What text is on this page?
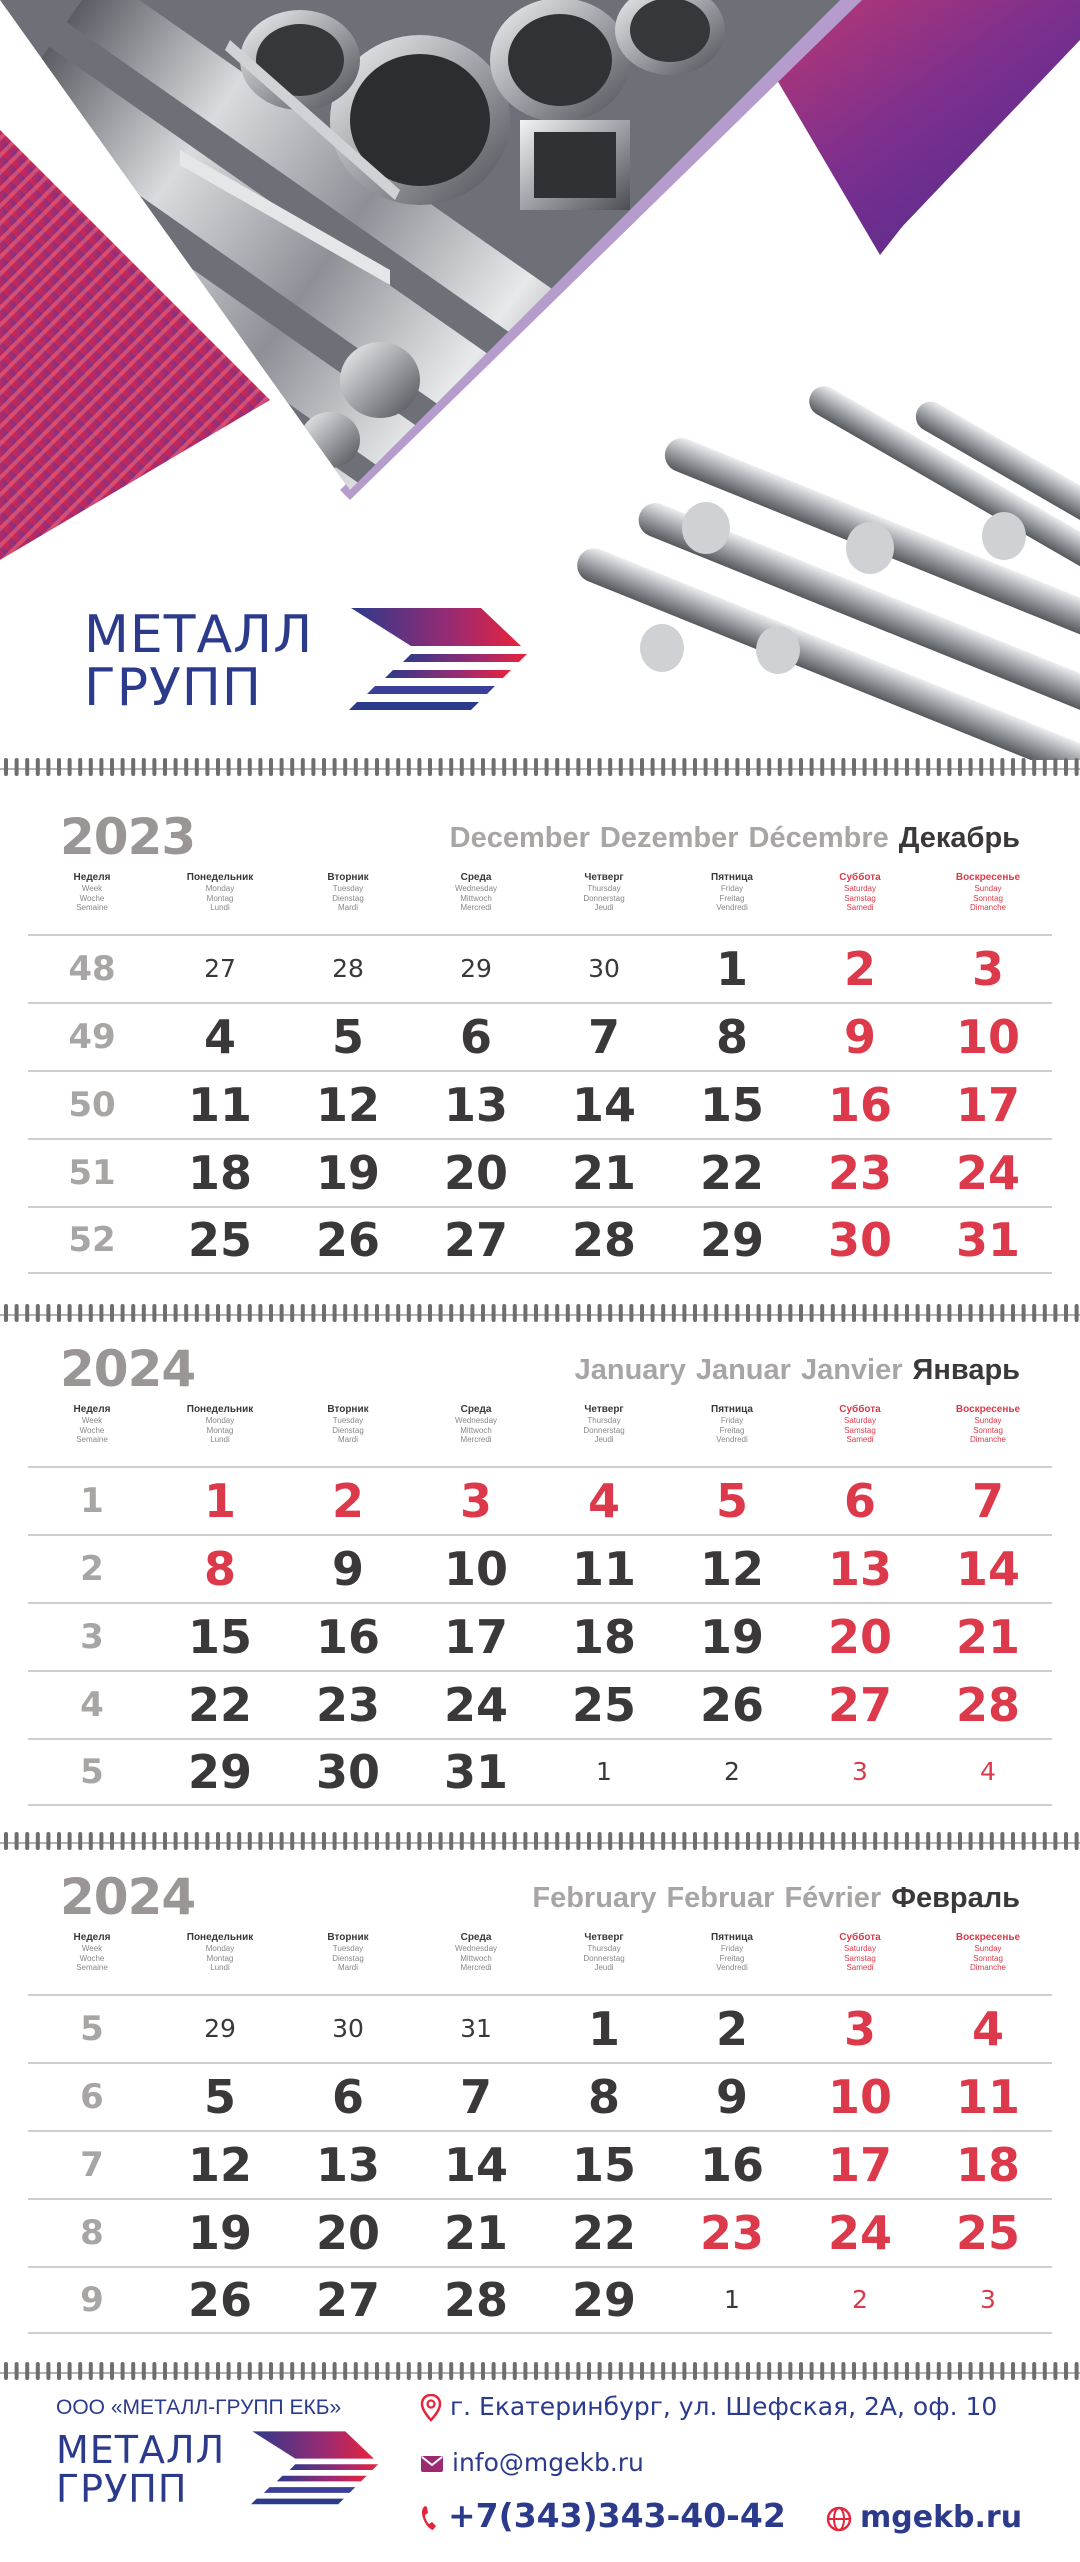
МЕТАЛЛ
ГРУПП
2023	December Dezember Décembre Декабрь
Неделя
Week
Woche
Semaine
Понедельник
Monday
Montag
Lundi
Вторник
Tuesday
Dienstag
Mardi
Среда
Wednesday
Mittwoch
Mercredi
Четверг
Thursday
Donnerstag
Jeudi
Пятница
Friday
Freitag
Vendredi
Суббота
Saturday
Samstag
Samedi
Воскресенье
Sunday
Sonntag
Dimanche
48	27	28	29	30	1	2	3
49	4	5	6	7	8	9	10
50	11	12	13	14	15	16	17
51	18	19	20	21	22	23	24
52	25	26	27	28	29	30	31
2024	January Januar Janvier Январь
Неделя
Week
Woche
Semaine
Понедельник
Monday
Montag
Lundi
Вторник
Tuesday
Dienstag
Mardi
Среда
Wednesday
Mittwoch
Mercredi
Четверг
Thursday
Donnerstag
Jeudi
Пятница
Friday
Freitag
Vendredi
Суббота
Saturday
Samstag
Samedi
Воскресенье
Sunday
Sonntag
Dimanche
1	1	2	3	4	5	6	7
2	8	9	10	11	12	13	14
3	15	16	17	18	19	20	21
4	22	23	24	25	26	27	28
5	29	30	31	1	2	3	4
2024	February Februar Février Февраль
Неделя
Week
Woche
Semaine
Понедельник
Monday
Montag
Lundi
Вторник
Tuesday
Dienstag
Mardi
Среда
Wednesday
Mittwoch
Mercredi
Четверг
Thursday
Donnerstag
Jeudi
Пятница
Friday
Freitag
Vendredi
Суббота
Saturday
Samstag
Samedi
Воскресенье
Sunday
Sonntag
Dimanche
5	29	30	31	1	2	3	4
6	5	6	7	8	9	10	11
7	12	13	14	15	16	17	18
8	19	20	21	22	23	24	25
9	26	27	28	29	1	2	3
ООО «МЕТАЛЛ-ГРУПП ЕКБ»
МЕТАЛЛ
ГРУПП
г. Екатеринбург, ул. Шефская, 2А, оф. 10
info@mgekb.ru
+7(343)343-40-42	mgekb.ru
